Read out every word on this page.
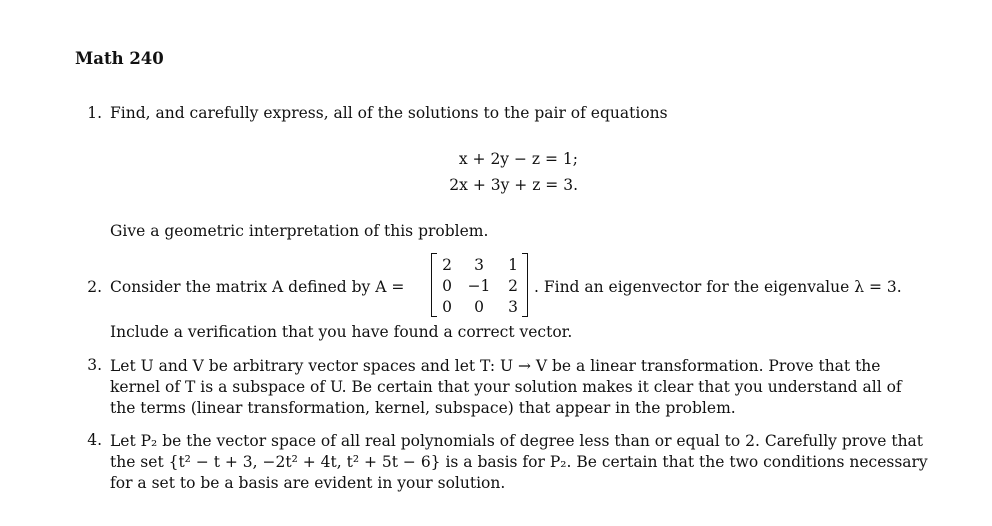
Math 240
1. Find, and carefully express, all of the solutions to the pair of equations
x + 2y − z = 1;
2x + 3y + z = 3.
Give a geometric interpretation of this problem.
2. Consider the matrix A defined by A =
2	3	1
0	−1	2
0	0	3
. Find an eigenvector for the eigenvalue λ = 3.
Include a verification that you have found a correct vector.
3. Let U and V be arbitrary vector spaces and let T: U → V be a linear transformation. Prove that the
kernel of T is a subspace of U. Be certain that your solution makes it clear that you understand all of
the terms (linear transformation, kernel, subspace) that appear in the problem.
4. Let P₂ be the vector space of all real polynomials of degree less than or equal to 2. Carefully prove that
the set {t² − t + 3, −2t² + 4t, t² + 5t − 6} is a basis for P₂. Be certain that the two conditions necessary
for a set to be a basis are evident in your solution.
